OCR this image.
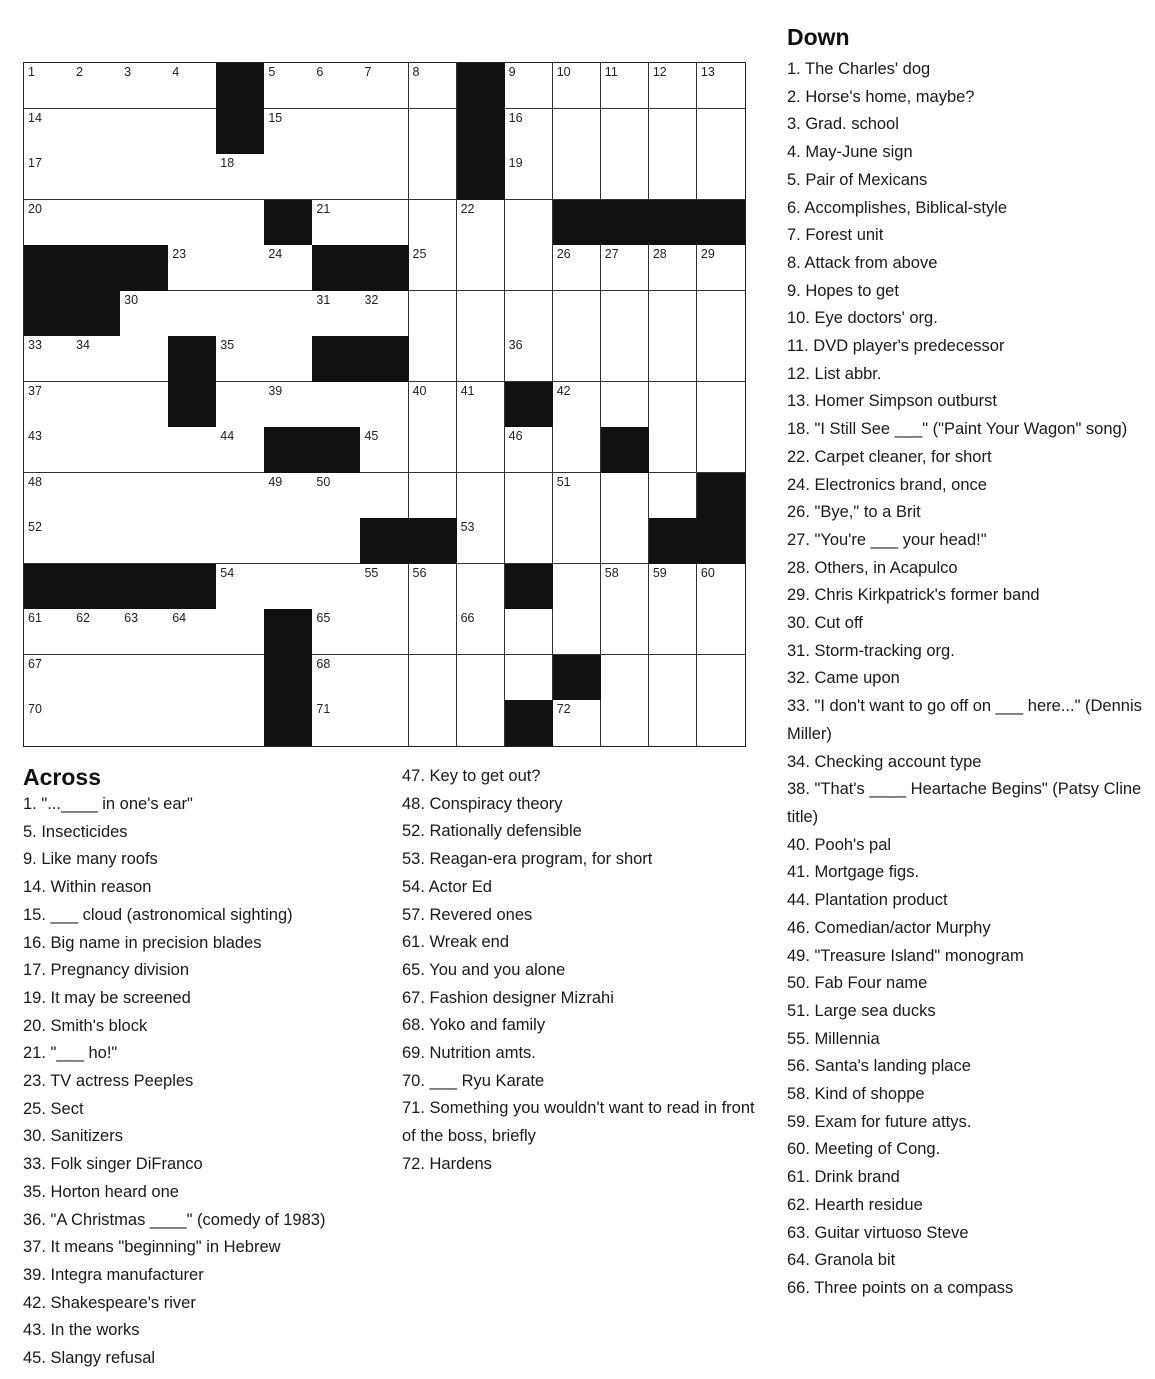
1	2	3	4	5	6	7	8	9	10	11	12	13
14	15	16
17	18	19
20	21	22
23	24	25	26	27	28	29
30	31	32
33	34	35	36
37	39	40	41	42
43	44	45	46
48	49	50	51
52	53
54	55	56	58	59	60
61	62	63	64	65	66
67	68
70	71	72
Across
Down
1. "...____ in one's ear"
5. Insecticides
9. Like many roofs
14. Within reason
15. ___ cloud (astronomical sighting)
16. Big name in precision blades
17. Pregnancy division
19. It may be screened
20. Smith's block
21. "___ ho!"
23. TV actress Peeples
25. Sect
30. Sanitizers
33. Folk singer DiFranco
35. Horton heard one
36. "A Christmas ____" (comedy of 1983)
37. It means "beginning" in Hebrew
39. Integra manufacturer
42. Shakespeare's river
43. In the works
45. Slangy refusal
47. Key to get out?
48. Conspiracy theory
52. Rationally defensible
53. Reagan-era program, for short
54. Actor Ed
57. Revered ones
61. Wreak end
65. You and you alone
67. Fashion designer Mizrahi
68. Yoko and family
69. Nutrition amts.
70. ___ Ryu Karate
71. Something you wouldn't want to read in front of the boss, briefly
72. Hardens
1. The Charles' dog
2. Horse's home, maybe?
3. Grad. school
4. May-June sign
5. Pair of Mexicans
6. Accomplishes, Biblical-style
7. Forest unit
8. Attack from above
9. Hopes to get
10. Eye doctors' org.
11. DVD player's predecessor
12. List abbr.
13. Homer Simpson outburst
18. "I Still See ___" ("Paint Your Wagon" song)
22. Carpet cleaner, for short
24. Electronics brand, once
26. "Bye," to a Brit
27. "You're ___ your head!"
28. Others, in Acapulco
29. Chris Kirkpatrick's former band
30. Cut off
31. Storm-tracking org.
32. Came upon
33. "I don't want to go off on ___ here..." (Dennis Miller)
34. Checking account type
38. "That's ____ Heartache Begins" (Patsy Cline title)
40. Pooh's pal
41. Mortgage figs.
44. Plantation product
46. Comedian/actor Murphy
49. "Treasure Island" monogram
50. Fab Four name
51. Large sea ducks
55. Millennia
56. Santa's landing place
58. Kind of shoppe
59. Exam for future attys.
60. Meeting of Cong.
61. Drink brand
62. Hearth residue
63. Guitar virtuoso Steve
64. Granola bit
66. Three points on a compass
